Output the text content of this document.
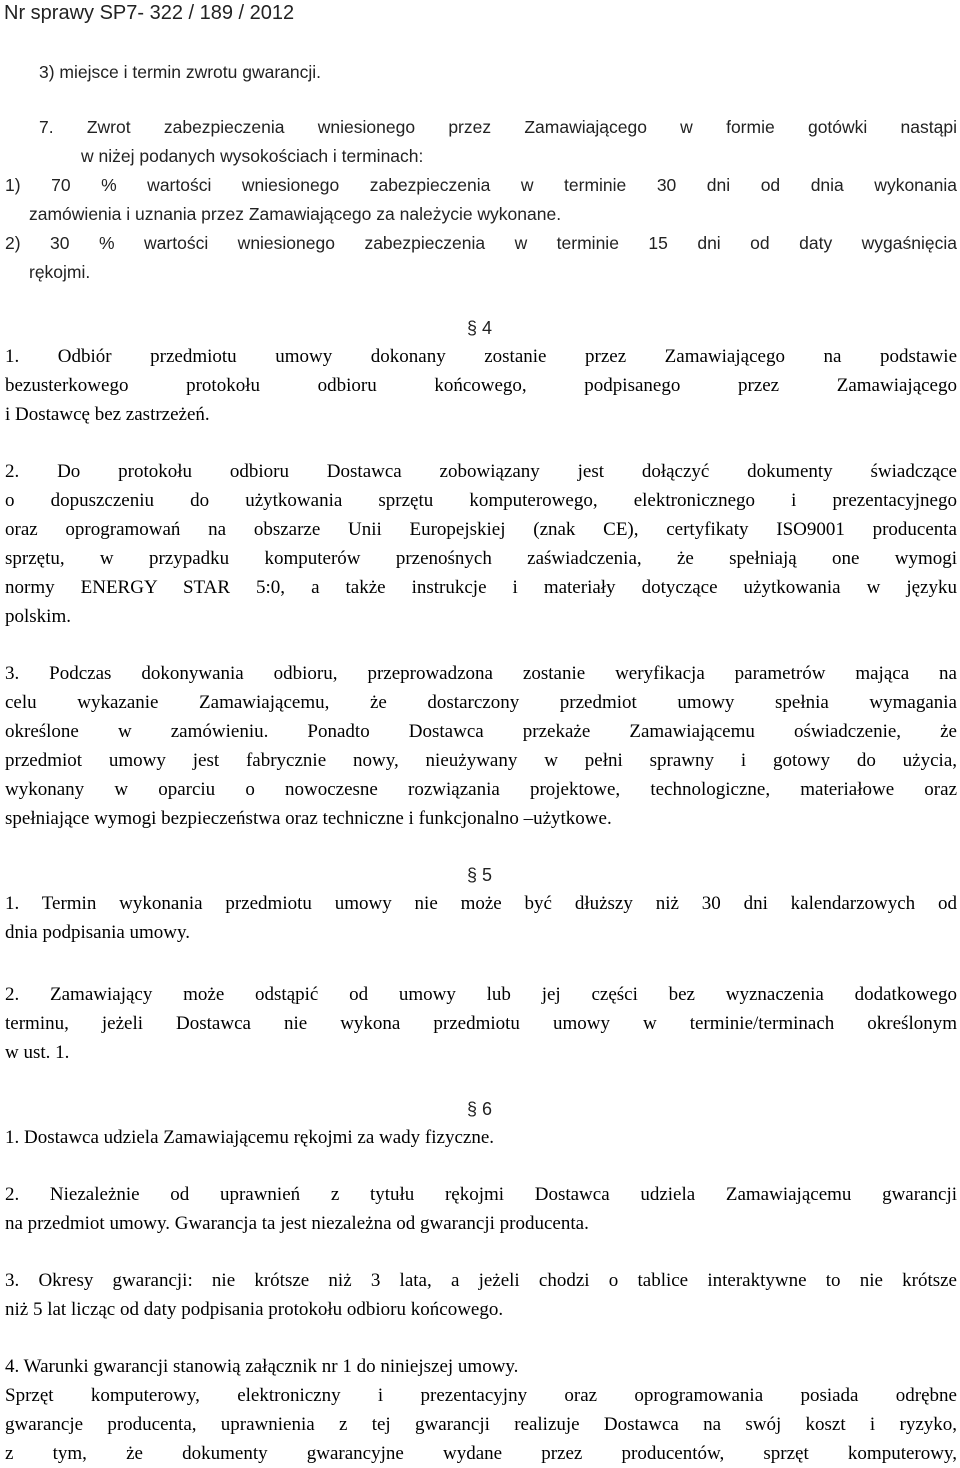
Nr sprawy SP7- 322 / 189 / 2012
3) miejsce i termin zwrotu gwarancji.
7. Zwrot zabezpieczenia wniesionego przez Zamawiającego w formie gotówki nastąpi
w niżej podanych wysokościach i terminach:
1) 70 % wartości wniesionego zabezpieczenia w terminie 30 dni od dnia wykonania
zamówienia i uznania przez Zamawiającego za należycie wykonane.
2) 30 % wartości wniesionego zabezpieczenia w terminie 15 dni od daty wygaśnięcia
rękojmi.
§ 4
1. Odbiór przedmiotu umowy dokonany zostanie przez Zamawiającego na podstawie
bezusterkowego protokołu odbioru końcowego, podpisanego przez Zamawiającego
i Dostawcę bez zastrzeżeń.
2. Do protokołu odbioru Dostawca zobowiązany jest dołączyć dokumenty świadczące
o dopuszczeniu do użytkowania sprzętu komputerowego, elektronicznego i prezentacyjnego
oraz oprogramowań na obszarze Unii Europejskiej (znak CE), certyfikaty ISO9001 producenta
sprzętu, w przypadku komputerów przenośnych zaświadczenia, że spełniają one wymogi
normy ENERGY STAR 5:0, a także instrukcje i materiały dotyczące użytkowania w języku
polskim.
3. Podczas dokonywania odbioru, przeprowadzona zostanie weryfikacja parametrów mająca na
celu wykazanie Zamawiającemu, że dostarczony przedmiot umowy spełnia wymagania
określone w zamówieniu. Ponadto Dostawca przekaże Zamawiającemu oświadczenie, że
przedmiot umowy jest fabrycznie nowy, nieużywany w pełni sprawny i gotowy do użycia,
wykonany w oparciu o nowoczesne rozwiązania projektowe, technologiczne, materiałowe oraz
spełniające wymogi bezpieczeństwa oraz techniczne i funkcjonalno –użytkowe.
§ 5
1. Termin wykonania przedmiotu umowy nie może być dłuższy niż 30 dni kalendarzowych od
dnia podpisania umowy.
2. Zamawiający może odstąpić od umowy lub jej części bez wyznaczenia dodatkowego
terminu, jeżeli Dostawca nie wykona przedmiotu umowy w terminie/terminach określonym
w ust. 1.
§ 6
1. Dostawca udziela Zamawiającemu rękojmi za wady fizyczne.
2. Niezależnie od uprawnień z tytułu rękojmi Dostawca udziela Zamawiającemu gwarancji
na przedmiot umowy. Gwarancja ta jest niezależna od gwarancji producenta.
3. Okresy gwarancji: nie krótsze niż 3 lata, a jeżeli chodzi o tablice interaktywne to nie krótsze
niż 5 lat licząc od daty podpisania protokołu odbioru końcowego.
4. Warunki gwarancji stanowią załącznik nr 1 do niniejszej umowy.
Sprzęt komputerowy, elektroniczny i prezentacyjny oraz oprogramowania posiada odrębne
gwarancje producenta, uprawnienia z tej gwarancji realizuje Dostawca na swój koszt i ryzyko,
z tym, że dokumenty gwarancyjne wydane przez producentów, sprzęt komputerowy,
